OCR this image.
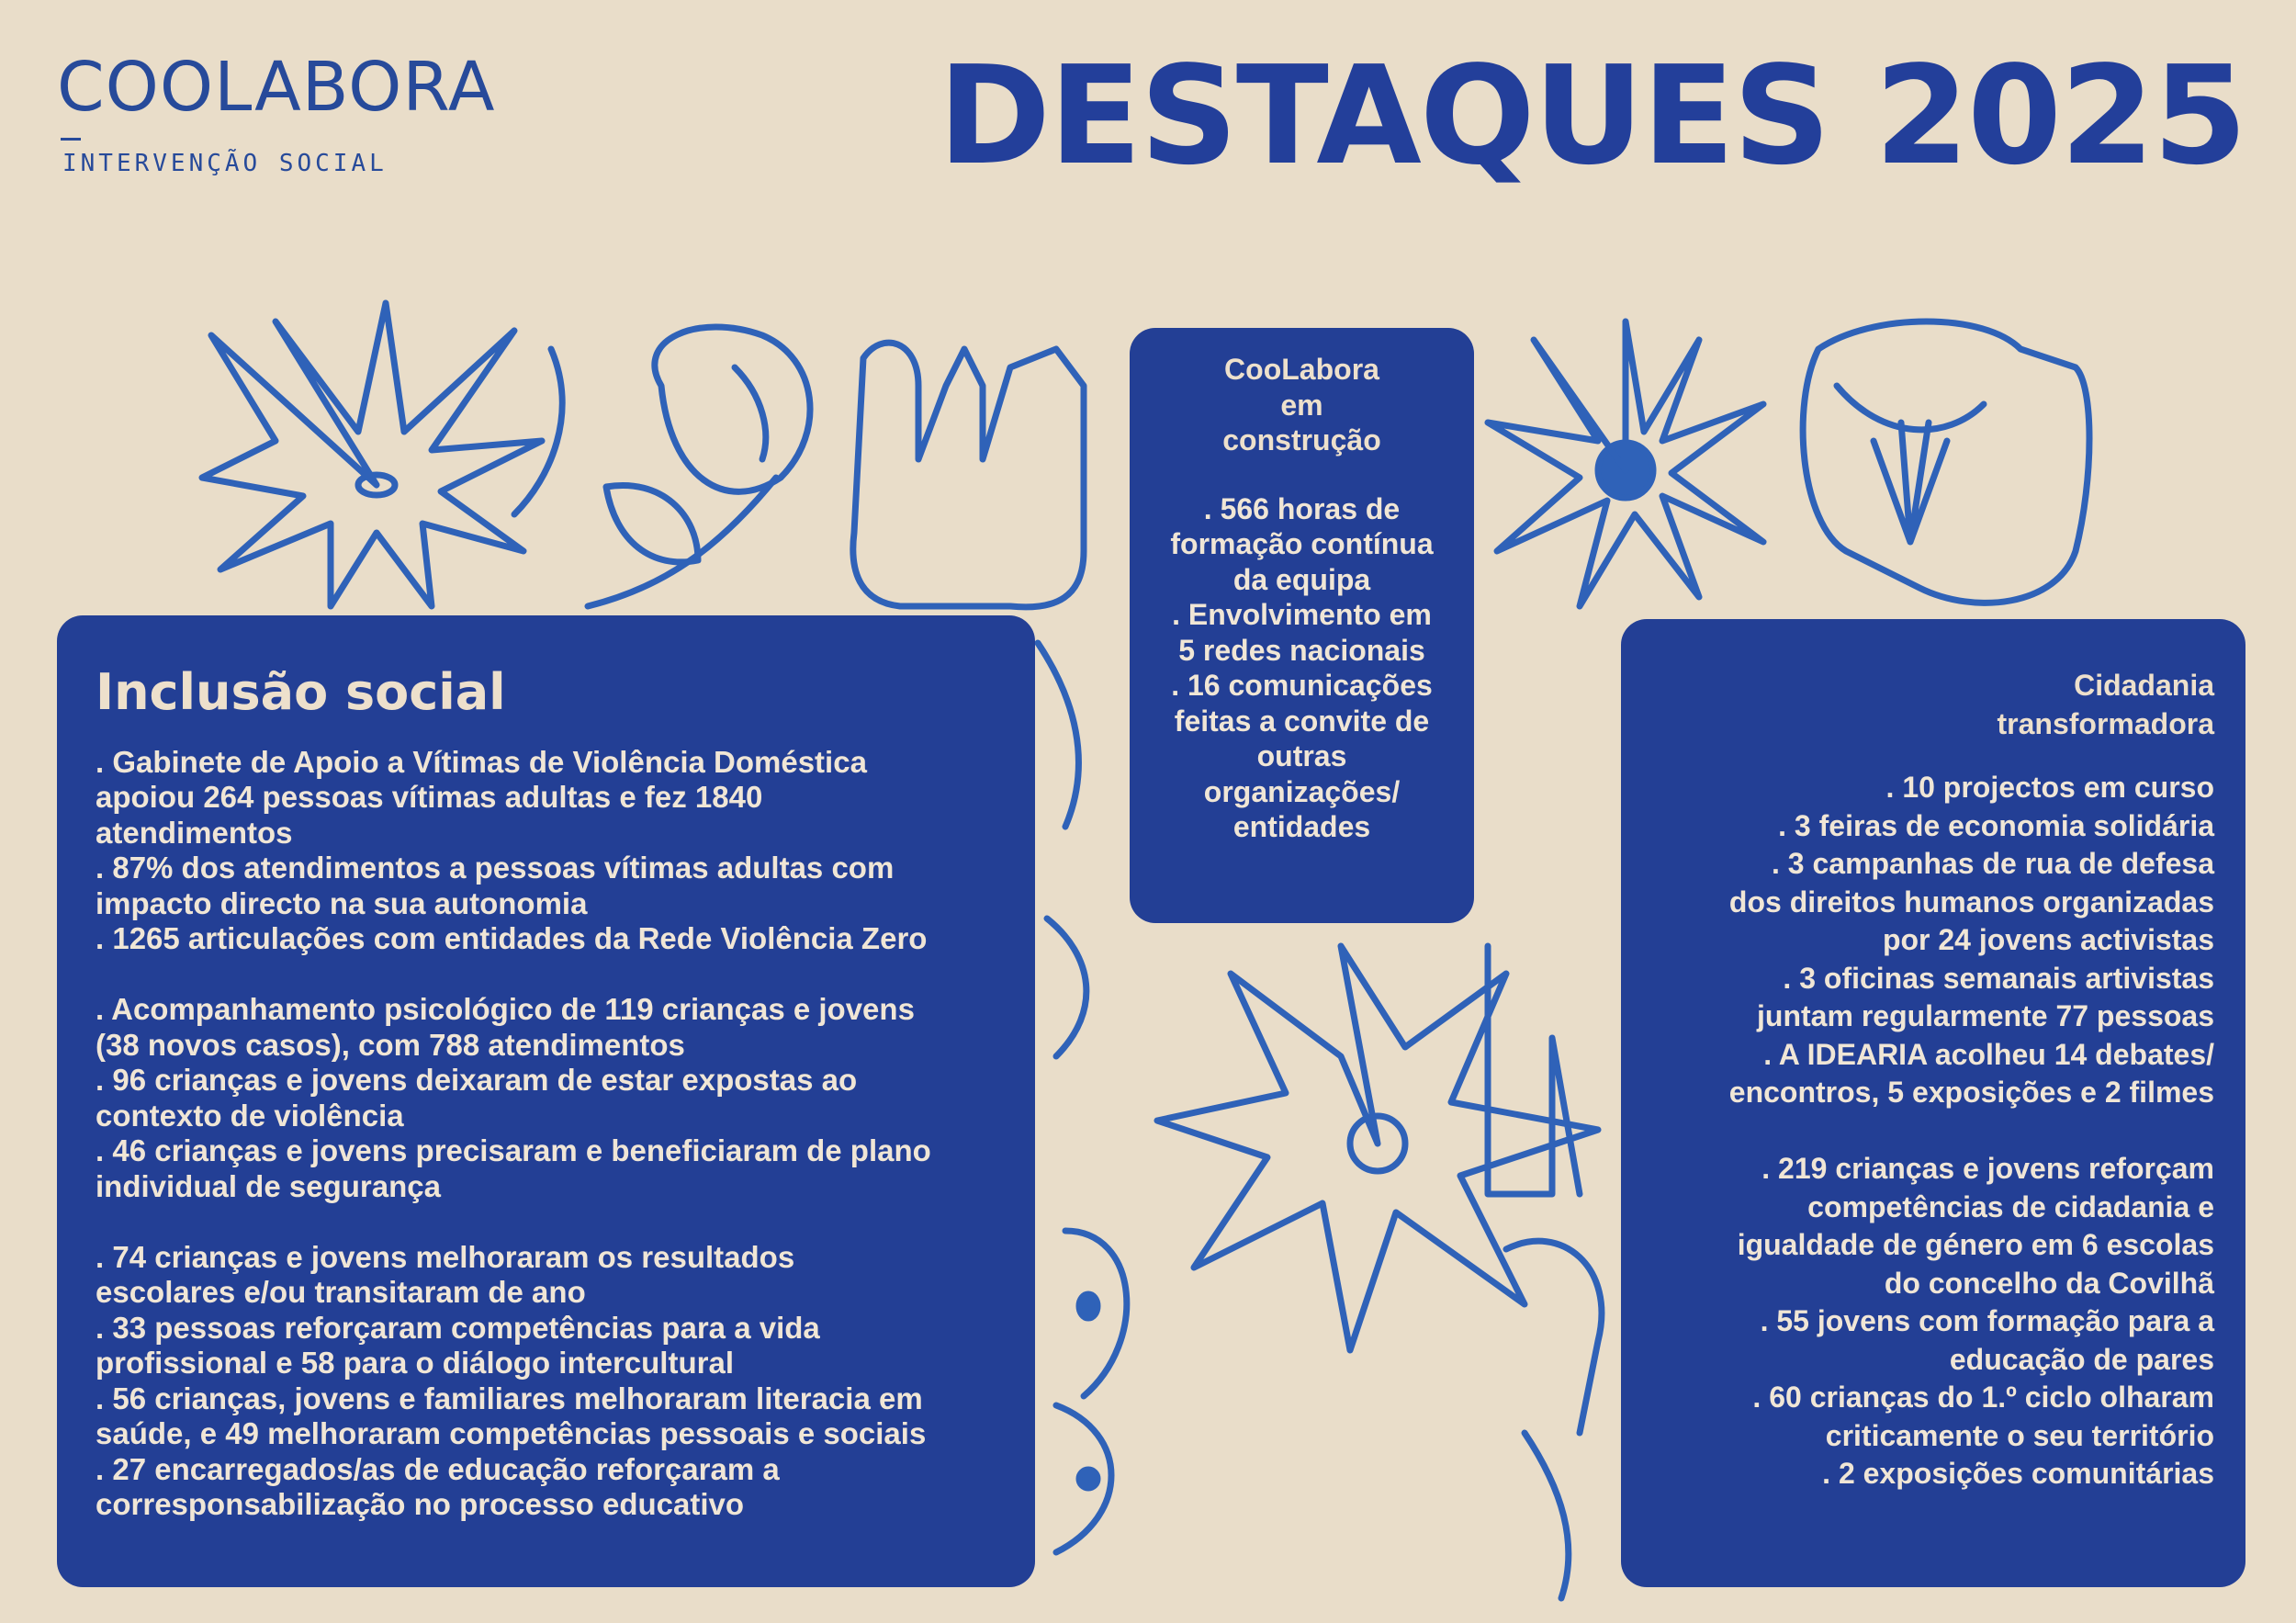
COOLABORA
INTERVENÇÃO SOCIAL	DESTAQUES 2025
Inclusão social
. Gabinete de Apoio a Vítimas de Violência Doméstica
apoiou 264 pessoas vítimas adultas e fez 1840
atendimentos
. 87% dos atendimentos a pessoas vítimas adultas com
impacto directo na sua autonomia
. 1265 articulações com entidades da Rede Violência Zero

. Acompanhamento psicológico de 119 crianças e jovens
(38 novos casos), com 788 atendimentos
. 96 crianças e jovens deixaram de estar expostas ao
contexto de violência
. 46 crianças e jovens precisaram e beneficiaram de plano
individual de segurança

. 74 crianças e jovens melhoraram os resultados
escolares e/ou transitaram de ano
. 33 pessoas reforçaram competências para a vida
profissional e 58 para o diálogo intercultural
. 56 crianças, jovens e familiares melhoraram literacia em
saúde, e 49 melhoraram competências pessoais e sociais
. 27 encarregados/as de educação reforçaram a
corresponsabilização no processo educativo
CooLabora
em
construção
. 566 horas de
formação contínua
da equipa
. Envolvimento em
5 redes nacionais
. 16 comunicações
feitas a convite de
outras
organizações/
entidades
Cidadania
transformadora
. 10 projectos em curso
. 3 feiras de economia solidária
. 3 campanhas de rua de defesa
dos direitos humanos organizadas
por 24 jovens activistas
. 3 oficinas semanais artivistas
juntam regularmente 77 pessoas
. A IDEARIA acolheu 14 debates/
encontros, 5 exposições e 2 filmes

. 219 crianças e jovens reforçam
competências de cidadania e
igualdade de género em 6 escolas
do concelho da Covilhã
. 55 jovens com formação para a
educação de pares
. 60 crianças do 1.º ciclo olharam
criticamente o seu território
. 2 exposições comunitárias
